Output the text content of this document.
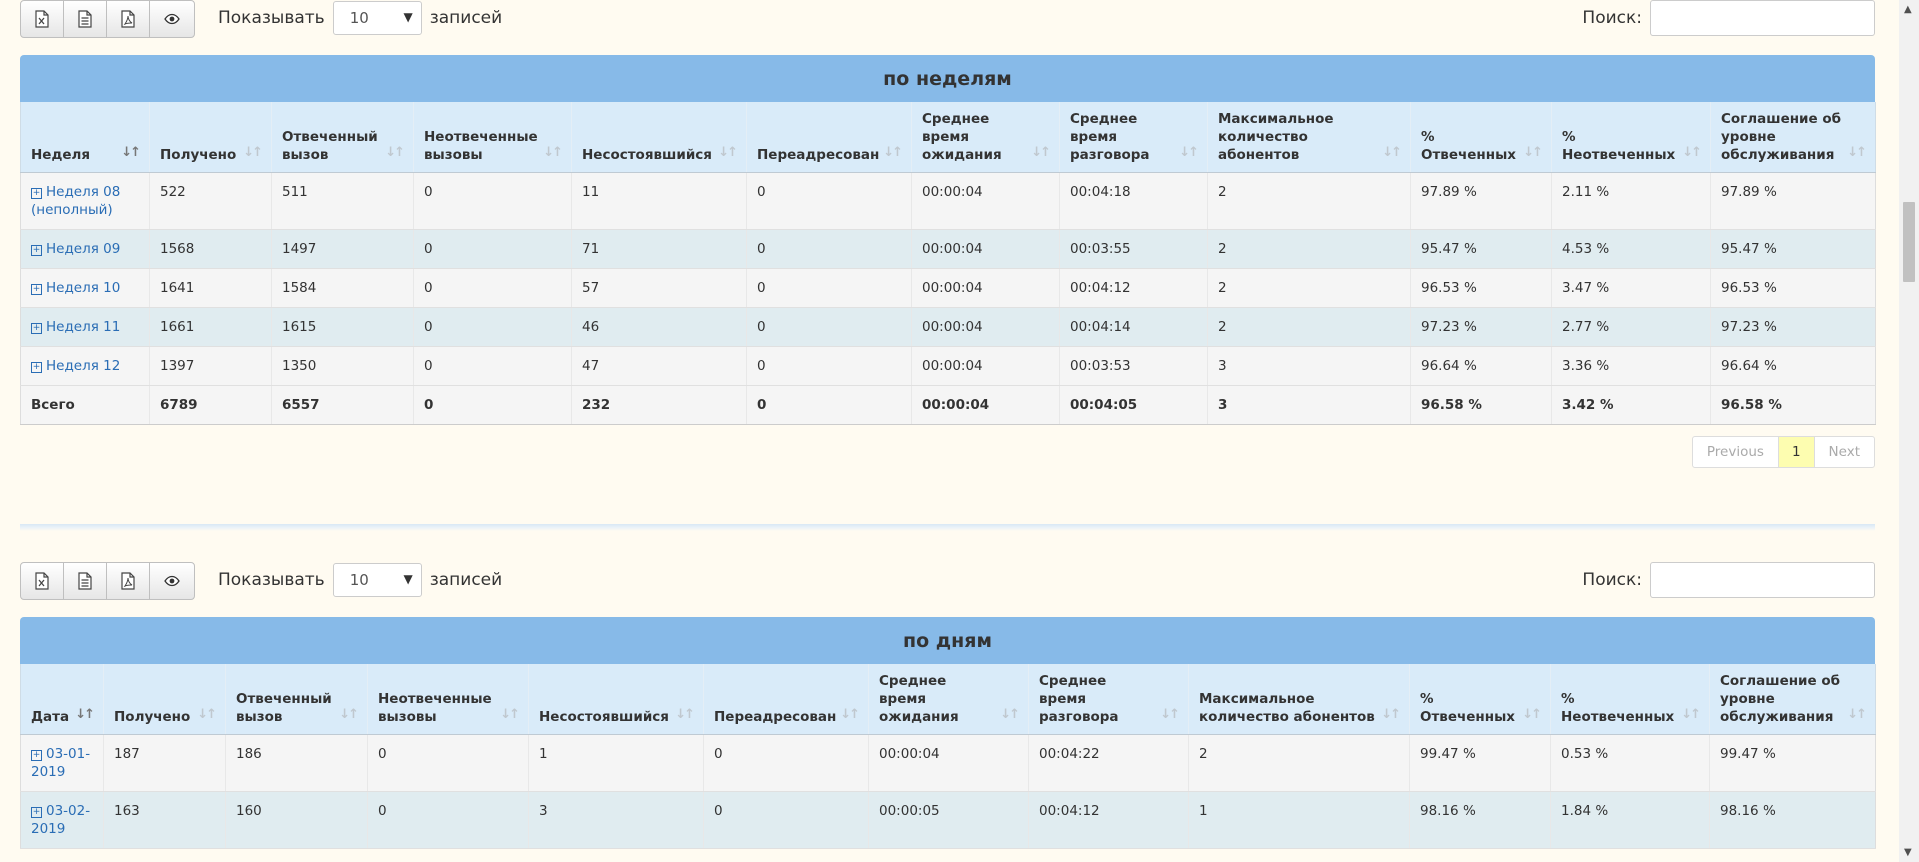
Показывать 10	▼ записей	Поиск:
по неделям
Неделя ↓↑	Получено ↓↑	Отвеченный вызов ↓↑	Неотвеченные вызовы ↓↑	Несостоявшийся ↓↑	Переадресован ↓↑	Среднее время ожидания ↓↑	Среднее время разговора ↓↑	Максимальное количество абонентов ↓↑	% Отвеченных ↓↑	% Неотвеченных ↓↑	Соглашение об уровне обслуживания ↓↑

+ Неделя 08 (неполный)	522	511	0	11	0	00:00:04	00:04:18	2	97.89 %	2.11 %	97.89 %
+ Неделя 09	1568	1497	0	71	0	00:00:04	00:03:55	2	95.47 %	4.53 %	95.47 %
+ Неделя 10	1641	1584	0	57	0	00:00:04	00:04:12	2	96.53 %	3.47 %	96.53 %
+ Неделя 11	1661	1615	0	46	0	00:00:04	00:04:14	2	97.23 %	2.77 %	97.23 %
+ Неделя 12	1397	1350	0	47	0	00:00:04	00:03:53	3	96.64 %	3.36 %	96.64 %
Всего	6789	6557	0	232	0	00:00:04	00:04:05	3	96.58 %	3.42 %	96.58 %
Previous	1	Next
Показывать 10	▼ записей	Поиск:
по дням
Дата ↓↑	Получено ↓↑	Отвеченный вызов ↓↑	Неотвеченные вызовы ↓↑	Несостоявшийся ↓↑	Переадресован ↓↑	Среднее время ожидания ↓↑	Среднее время разговора ↓↑	Максимальное количество абонентов ↓↑	% Отвеченных ↓↑	% Неотвеченных ↓↑	Соглашение об уровне обслуживания ↓↑

+ 03-01-2019	187	186	0	1	0	00:00:04	00:04:22	2	99.47 %	0.53 %	99.47 %
+ 03-02-2019	163	160	0	3	0	00:00:05	00:04:12	1	98.16 %	1.84 %	98.16 %
▲
▼
